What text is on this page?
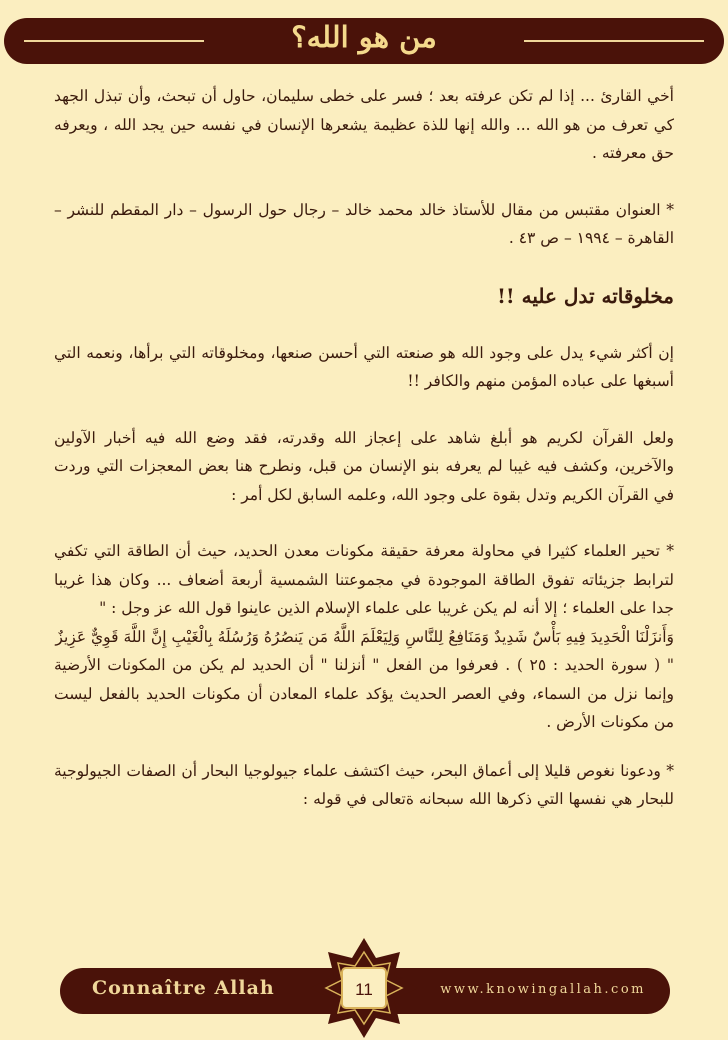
من هو الله؟

أخي القارئ ... إذا لم تكن عرفته بعد ؛ فسر على خطى سليمان، حاول أن تبحث، وأن تبذل الجهد كي تعرف من هو الله ... والله إنها للذة عظيمة يشعرها الإنسان في نفسه حين يجد الله ، ويعرفه حق معرفته .

* العنوان مقتبس من مقال للأستاذ خالد محمد خالد – رجال حول الرسول – دار المقطم للنشر – القاهرة – ١٩٩٤ – ص ٤٣ .

مخلوقاته تدل عليه !!

إن أكثر شيء يدل على وجود الله هو صنعته التي أحسن صنعها، ومخلوقاته التي برأها، ونعمه التي أسبغها على عباده المؤمن منهم والكافر !!

ولعل القرآن لكريم هو أبلغ شاهد على إعجاز الله وقدرته، فقد وضع الله فيه أخبار الآولين والآخرين، وكشف فيه غيبا لم يعرفه بنو الإنسان من قبل، ونطرح هنا بعض المعجزات التي وردت في القرآن الكريم وتدل بقوة على وجود الله، وعلمه السابق لكل أمر :

* تحير العلماء كثيرا في محاولة معرفة حقيقة مكونات معدن الحديد، حيث أن الطاقة التي تكفي لترابط جزيئاته تفوق الطاقة الموجودة في مجموعتنا الشمسية أربعة أضعاف ... وكان هذا غريبا جدا على العلماء ؛ إلا أنه لم يكن غريبا على علماء الإسلام الذين عاينوا قول الله عز وجل : "

وَأَنزَلْنَا الْحَدِيدَ فِيهِ بَأْسٌ شَدِيدٌ وَمَنَافِعُ لِلنَّاسِ وَلِيَعْلَمَ اللَّهُ مَن يَنصُرُهُ وَرُسُلَهُ بِالْغَيْبِ إِنَّ اللَّهَ قَوِيٌّ عَزِيزٌ

" ( سورة الحديد : ٢٥ ) . فعرفوا من الفعل " أنزلنا " أن الحديد لم يكن من المكونات الأرضية وإنما نزل من السماء، وفي العصر الحديث يؤكد علماء المعادن أن مكونات الحديد بالفعل ليست من مكونات الأرض .

* ودعونا نغوص قليلا إلى أعماق البحر، حيث اكتشف علماء جيولوجيا البحار أن الصفات الجيولوجية للبحار هي نفسها التي ذكرها الله سبحانه ةتعالى في قوله :

Connaître Allah	www.knowingallah.com
11
